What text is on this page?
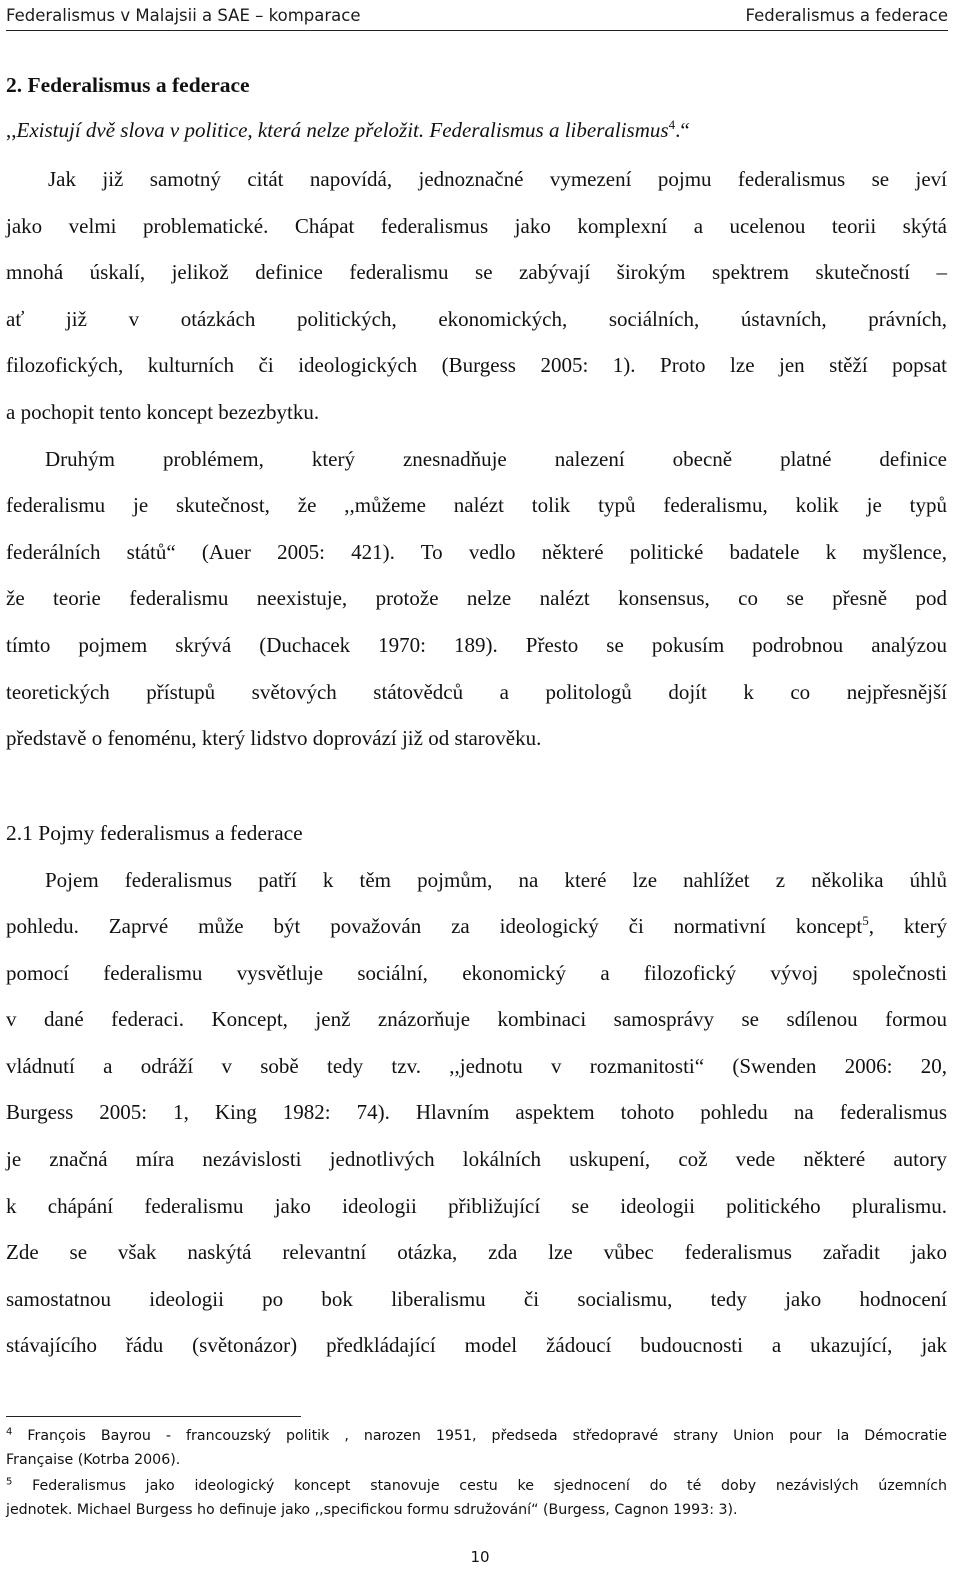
Federalismus v Malajsii a SAE – komparace	Federalismus a federace
2. Federalismus a federace
,,Existují dvě slova v politice, která nelze přeložit. Federalismus a liberalismus$^4$.“
Jak již samotný citát napovídá, jednoznačné vymezení pojmu federalismus se jeví
jako velmi problematické. Chápat federalismus jako komplexní a ucelenou teorii skýtá
mnohá úskalí, jelikož definice federalismu se zabývají širokým spektrem skutečností –
ať již v otázkách politických, ekonomických, sociálních, ústavních, právních,
filozofických, kulturních či ideologických (Burgess 2005: 1). Proto lze jen stěží popsat
a pochopit tento koncept bezezbytku.
Druhým problémem, který znesnadňuje nalezení obecně platné definice
federalismu je skutečnost, že ,,můžeme nalézt tolik typů federalismu, kolik je typů
federálních států“ (Auer 2005: 421). To vedlo některé politické badatele k myšlence,
že teorie federalismu neexistuje, protože nelze nalézt konsensus, co se přesně pod
tímto pojmem skrývá (Duchacek 1970: 189). Přesto se pokusím podrobnou analýzou
teoretických přístupů světových státovědců a politologů dojít k co nejpřesnější
představě o fenoménu, který lidstvo doprovází již od starověku.
2.1 Pojmy federalismus a federace
Pojem federalismus patří k těm pojmům, na které lze nahlížet z několika úhlů
pohledu. Zaprvé může být považován za ideologický či normativní koncept$^5$, který
pomocí federalismu vysvětluje sociální, ekonomický a filozofický vývoj společnosti
v dané federaci. Koncept, jenž znázorňuje kombinaci samosprávy se sdílenou formou
vládnutí a odráží v sobě tedy tzv. ,,jednotu v rozmanitosti“ (Swenden 2006: 20,
Burgess 2005: 1, King 1982: 74). Hlavním aspektem tohoto pohledu na federalismus
je značná míra nezávislosti jednotlivých lokálních uskupení, což vede některé autory
k chápání federalismu jako ideologii přibližující se ideologii politického pluralismu.
Zde se však naskýtá relevantní otázka, zda lze vůbec federalismus zařadit jako
samostatnou ideologii po bok liberalismu či socialismu, tedy jako hodnocení
stávajícího řádu (světonázor) předkládající model žádoucí budoucnosti a ukazující, jak
$^4$ François Bayrou - francouzský politik , narozen 1951, předseda středopravé strany Union pour la Démocratie
Française (Kotrba 2006).
$^5$ Federalismus jako ideologický koncept stanovuje cestu ke sjednocení do té doby nezávislých územních
jednotek. Michael Burgess ho definuje jako ,,specifickou formu sdružování“ (Burgess, Cagnon 1993: 3).
10
